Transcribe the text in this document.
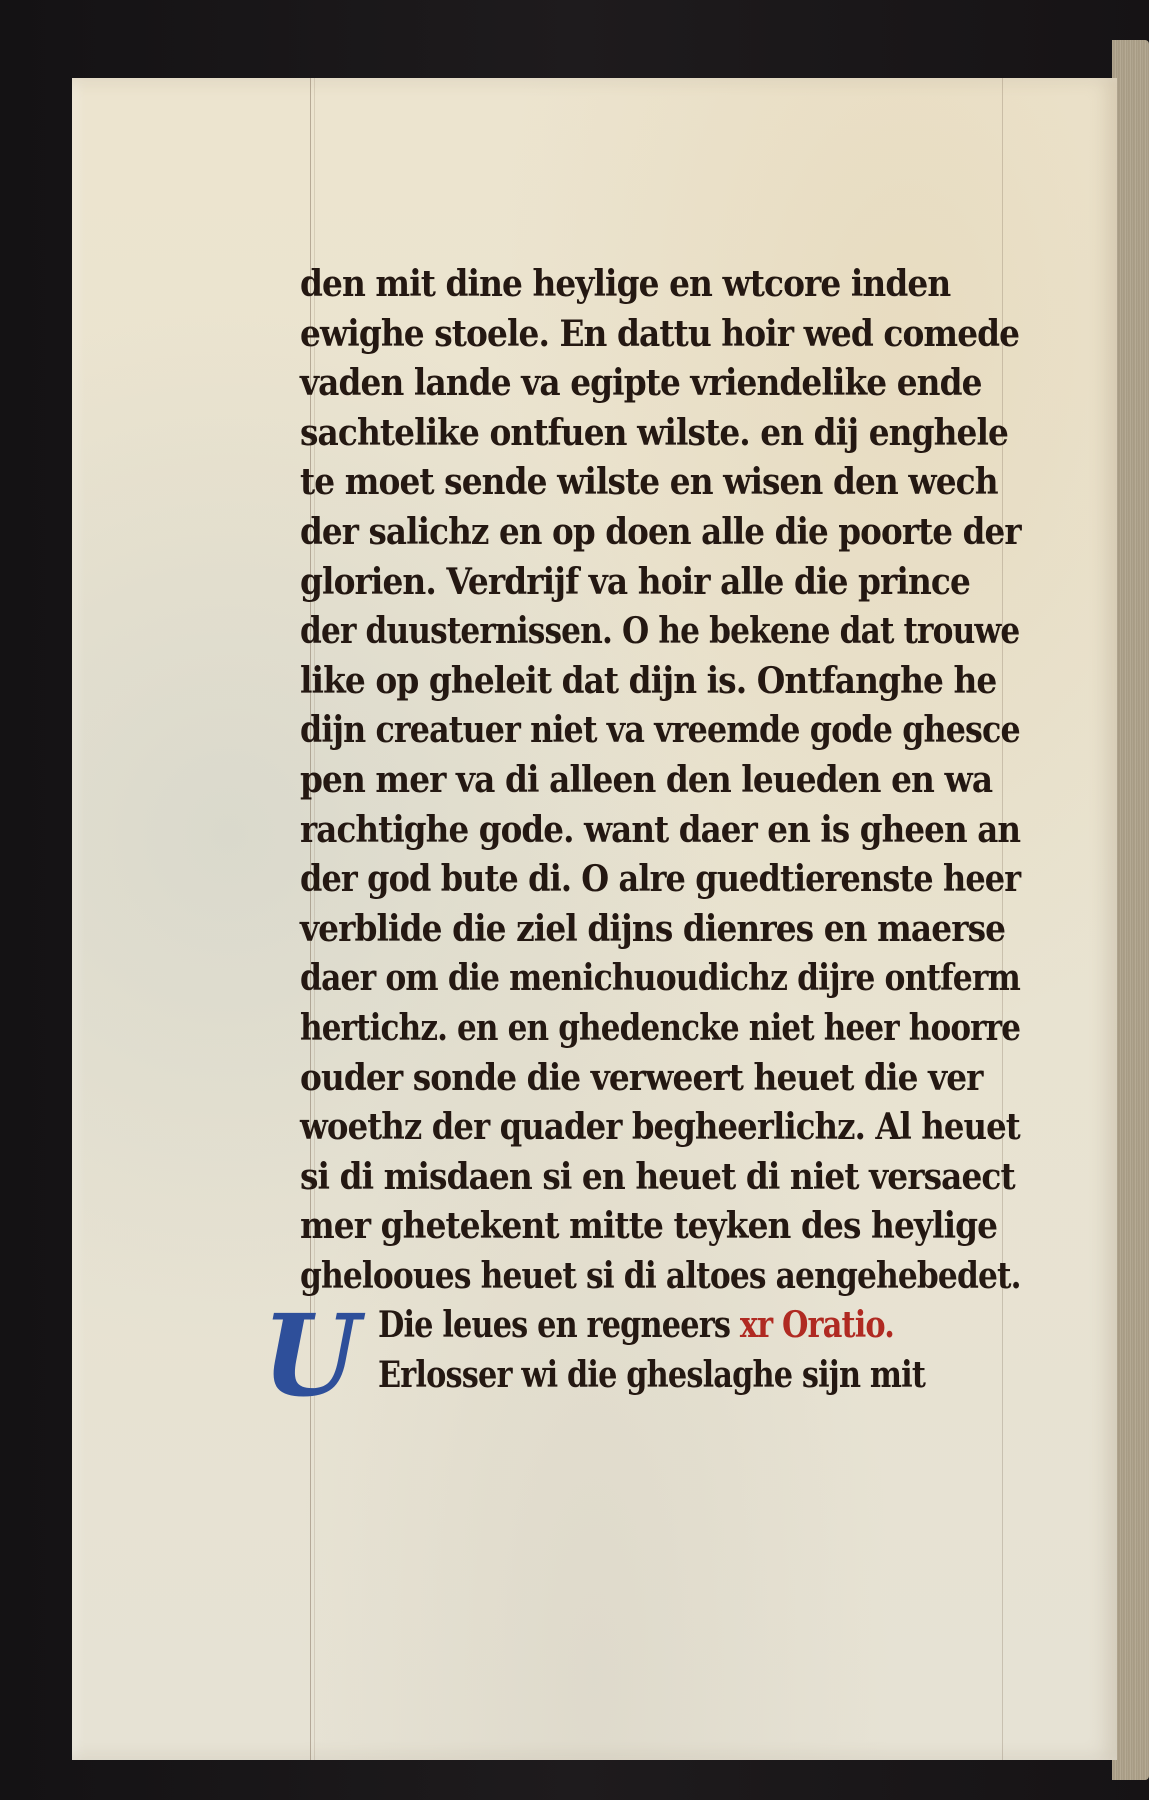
den mit dine heylige en wtcore inden
ewighe stoele. En dattu hoir wed comede
vaden lande va egipte vriendelike ende
sachtelike ontfuen wilste. en dij enghele
te moet sende wilste en wisen den wech
der salichz en op doen alle die poorte der
glorien. Verdrijf va hoir alle die prince
der duusternissen. O he bekene dat trouwe
like op gheleit dat dijn is. Ontfanghe he
dijn creatuer niet va vreemde gode ghesce
pen mer va di alleen den leueden en wa
rachtighe gode. want daer en is gheen an
der god bute di. O alre guedtierenste heer
verblide die ziel dijns dienres en maerse
daer om die menichuoudichz dijre ontferm
hertichz. en en ghedencke niet heer hoorre
ouder sonde die verweert heuet die ver
woethz der quader begheerlichz. Al heuet
si di misdaen si en heuet di niet versaect
mer ghetekent mitte teyken des heylige
ghelooues heuet si di altoes aengehebedet.
U Die leues en regneers xr Oratio.
Erlosser wi die gheslaghe sijn mit
